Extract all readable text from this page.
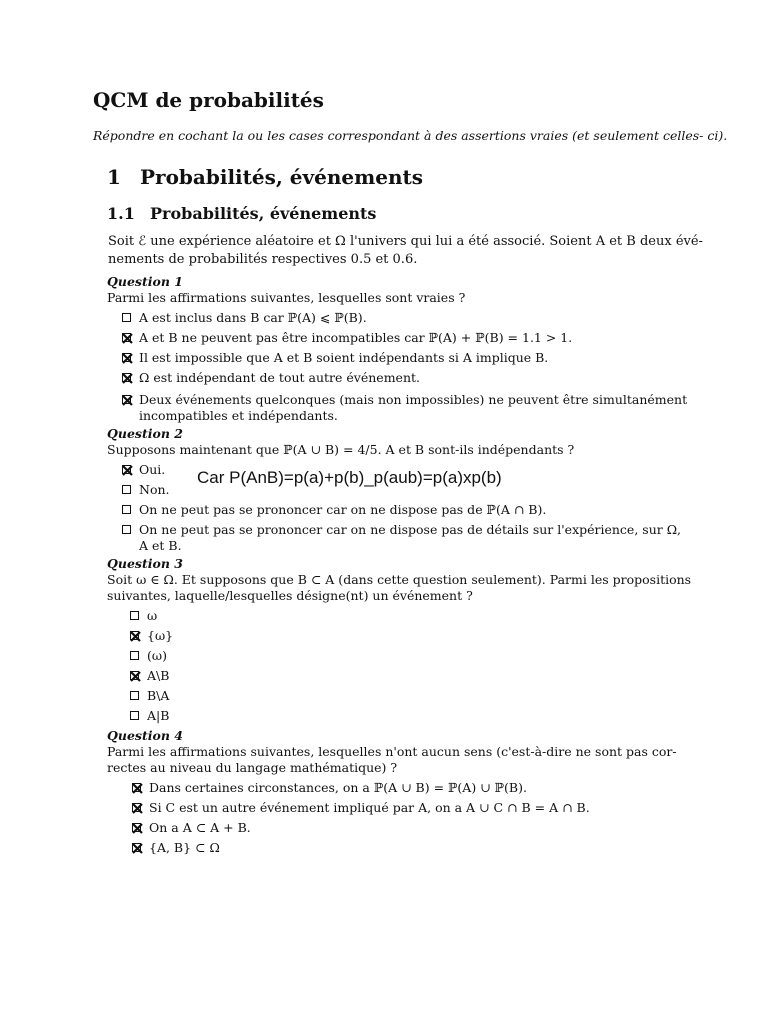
QCM de probabilités
Répondre en cochant la ou les cases correspondant à des assertions vraies (et seulement celles- ci).
1 Probabilités, événements
1.1 Probabilités, événements
Soit ℰ une expérience aléatoire et Ω l'univers qui lui a été associé. Soient A et B deux évé-
nements de probabilités respectives 0.5 et 0.6.
Question 1
Parmi les affirmations suivantes, lesquelles sont vraies ?
A est inclus dans B car ℙ(A) ⩽ ℙ(B).
A et B ne peuvent pas être incompatibles car ℙ(A) + ℙ(B) = 1.1 > 1.
Il est impossible que A et B soient indépendants si A implique B.
Ω est indépendant de tout autre événement.
Deux événements quelconques (mais non impossibles) ne peuvent être simultanément
incompatibles et indépendants.
Question 2
Supposons maintenant que ℙ(A ∪ B) = 4/5. A et B sont-ils indépendants ?
Oui.
Non.
On ne peut pas se prononcer car on ne dispose pas de ℙ(A ∩ B).
On ne peut pas se prononcer car on ne dispose pas de détails sur l'expérience, sur Ω,
A et B.
Car P(AnB)=p(a)+p(b)_p(aub)=p(a)xp(b)
Question 3
Soit ω ∈ Ω. Et supposons que B ⊂ A (dans cette question seulement). Parmi les propositions
suivantes, laquelle/lesquelles désigne(nt) un événement ?
ω
{ω}
(ω)
A\B
B\A
A|B
Question 4
Parmi les affirmations suivantes, lesquelles n'ont aucun sens (c'est-à-dire ne sont pas cor-
rectes au niveau du langage mathématique) ?
Dans certaines circonstances, on a ℙ(A ∪ B) = ℙ(A) ∪ ℙ(B).
Si C est un autre événement impliqué par A, on a A ∪ C ∩ B = A ∩ B.
On a A ⊂ A + B.
{A, B} ⊂ Ω
